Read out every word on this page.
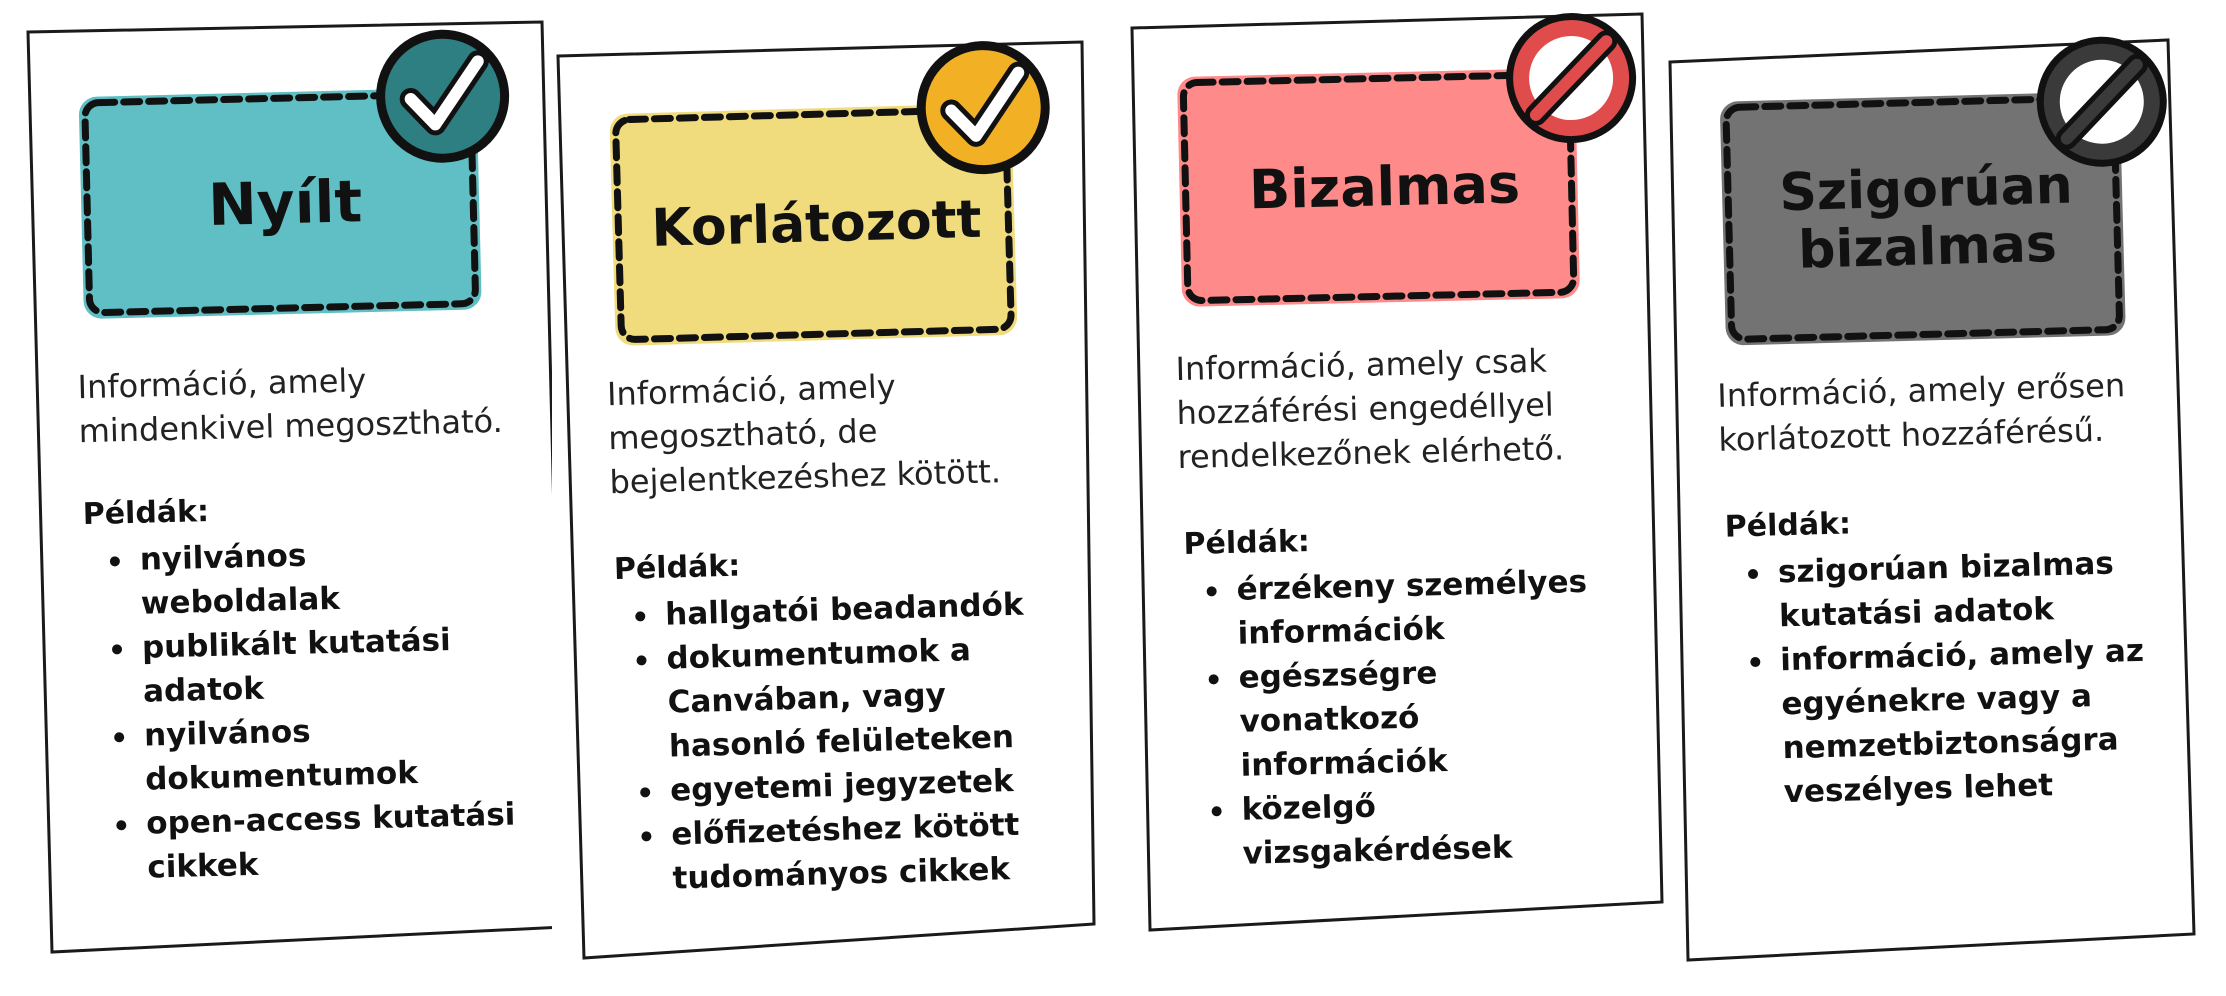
Nyílt
Információ, amely mindenkivel megosztható.
Példák:
nyilvános weboldalak
publikált kutatási adatok
nyilvános dokumentumok
open-access kutatási cikkek
Korlátozott
Információ, amely megosztható, de bejelentkezéshez kötött.
Példák:
hallgatói beadandók
dokumentumok a Canvában, vagy hasonló felületeken
egyetemi jegyzetek
előfizetéshez kötött tudományos cikkek
Bizalmas
Információ, amely csak hozzáférési engedéllyel rendelkezőnek elérhető.
Példák:
érzékeny személyes információk
egészségre vonatkozó információk
közelgő vizsgakérdések
Szigorúan bizalmas
Információ, amely erősen korlátozott hozzáférésű.
Példák:
szigorúan bizalmas kutatási adatok
információ, amely az egyénekre vagy a nemzetbiztonságra veszélyes lehet
